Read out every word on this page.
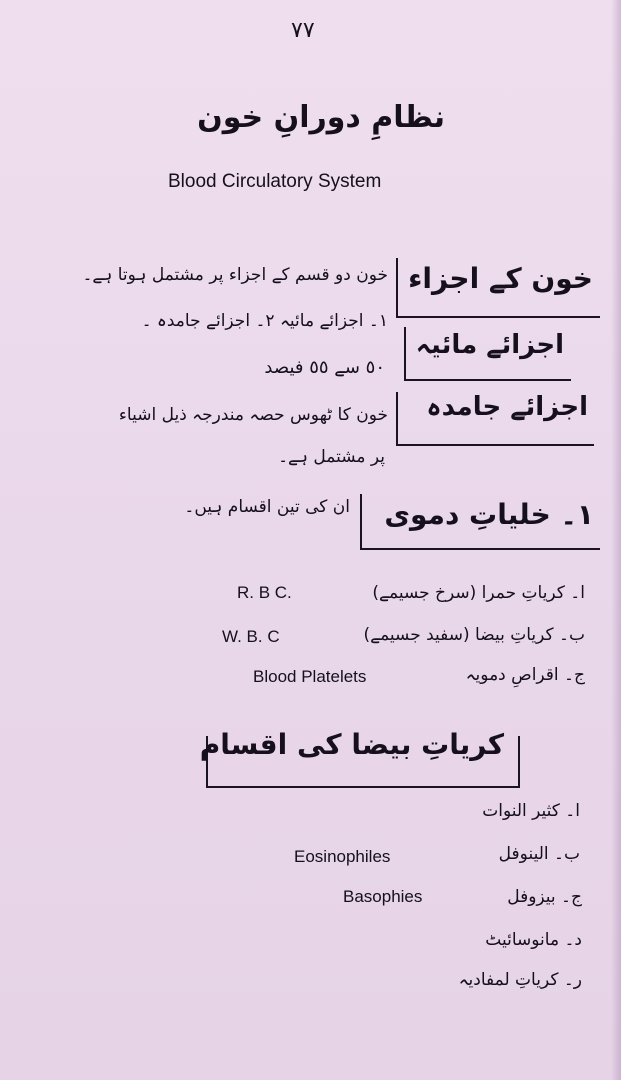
٧٧
نظامِ دورانِ خون
Blood Circulatory System
خون کے اجزاء
خون دو قسم کے اجزاء پر مشتمل ہوتا ہے۔
١۔ اجزائے مائیہ ٢۔ اجزائے جامدہ ۔
اجزائے مائیہ
٥٠ سے ٥٥ فیصد
اجزائے جامدہ
خون کا ٹھوس حصہ مندرجہ ذیل اشیاء
پر مشتمل ہے۔
١۔ خلیاتِ دموی
ان کی تین اقسام ہیں۔
ا۔ کریاتِ حمرا (سرخ جسیمے)
R. B C.
ب۔ کریاتِ بیضا (سفید جسیمے)
W. B. C
ج۔ اقراصِ دمویہ
Blood Platelets
کریاتِ بیضا کی اقسام
ا۔ کثیر النوات
ب۔ الینوفل
Eosinophiles
ج۔ بیزوفل
Basophies
د۔ مانوسائیٹ
ر۔ کریاتِ لمفادیہ
